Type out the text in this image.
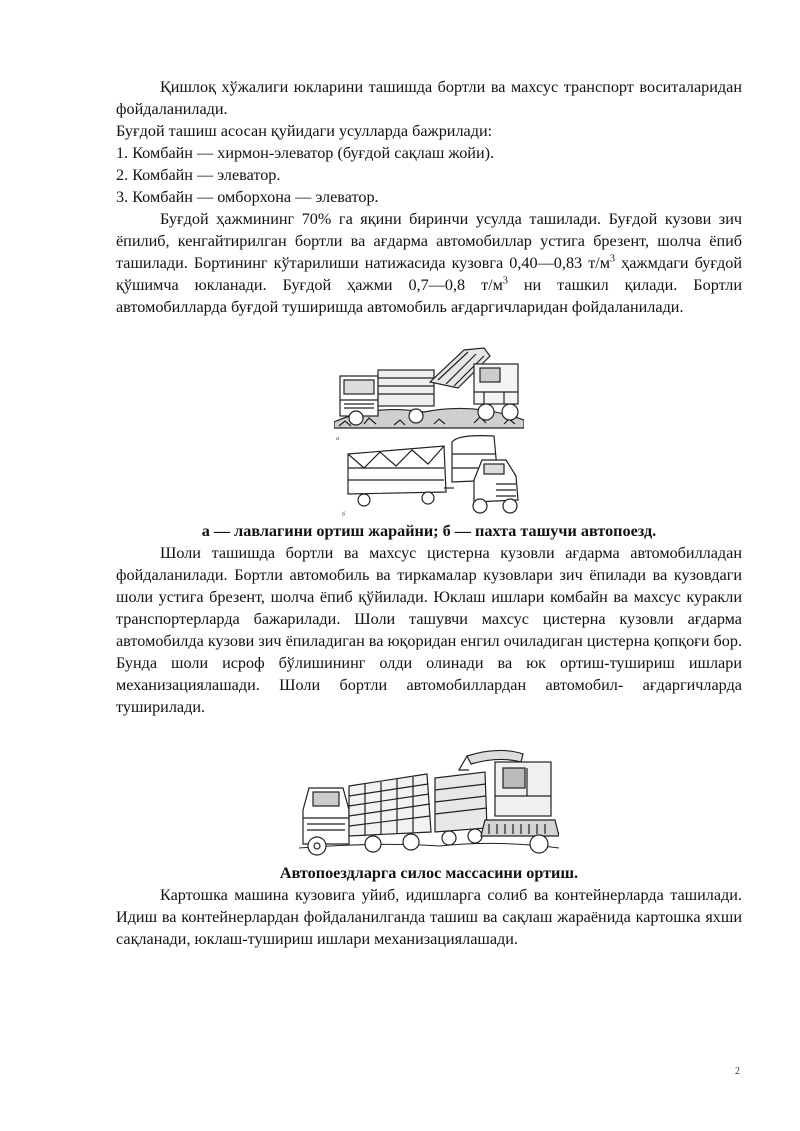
Қишлоқ хўжалиги юкларини ташишда бортли ва махсус транспорт воситаларидан фойдаланилади.

Буғдой ташиш асосан қуйидаги усулларда бажрилади:

1. Комбайн — хирмон-элеватор (буғдой сақлаш жойи).

2. Комбайн — элеватор.

3. Комбайн — омборхона — элеватор.

Буғдой ҳажмининг 70% га яқини биринчи усулда ташилади. Буғдой кузови зич ёпилиб, кенгайтирилган бортли ва ағдарма автомобиллар устига брезент, шолча ёпиб ташилади. Бортининг кўтарилиши натижасида кузовга 0,40—0,83 $т/м^3$ ҳажмдаги буғдой қўшимча юкланади. Буғдой ҳажми 0,7—0,8 $т/м^3$ ни ташкил қилади. Бортли автомобилларда буғдой туширишда автомобиль ағдаргичларидан фойдаланилади.

а
б

а — лавлагини ортиш жарайни; б — пахта ташучи автопоезд.

Шоли ташишда бортли ва махсус цистерна кузовли ағдарма автомобилладан фойдаланилади. Бортли автомобиль ва тиркамалар кузовлари зич ёпилади ва кузовдаги шоли устига брезент, шолча ёпиб қўйилади. Юклаш ишлари комбайн ва махсус куракли транспортерларда бажарилади. Шоли ташувчи махсус цистерна кузовли ағдарма автомобилда кузови зич ёпиладиган ва юқоридан енгил очиладиган цистерна қопқоғи бор. Бунда шоли исроф бўлишининг олди олинади ва юк ортиш-тушириш ишлари механизациялашади. Шоли бортли автомобиллардан автомобил- ағдаргичларда туширилади.

Автопоездларга силос массасини ортиш.

Картошка машина кузовига уйиб, идишларга солиб ва контейнерларда ташилади. Идиш ва контейнерлардан фойдаланилганда ташиш ва сақлаш жараёнида картошка яхши сақланади, юклаш-тушириш ишлари механизациялашади.

2
